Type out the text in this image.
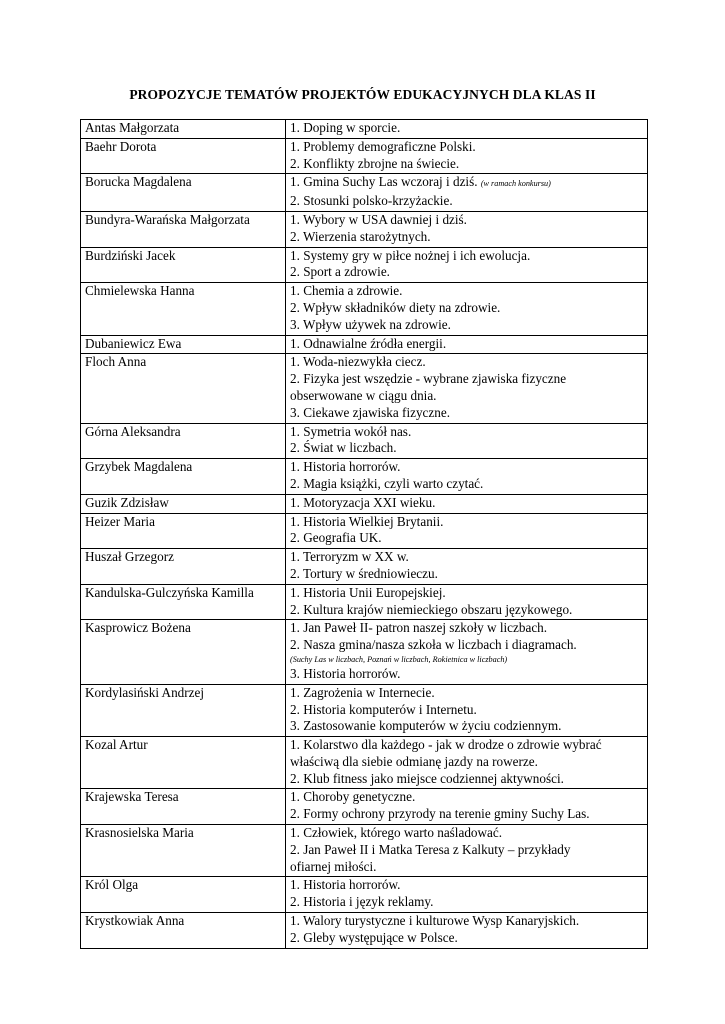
PROPOZYCJE TEMATÓW PROJEKTÓW EDUKACYJNYCH DLA KLAS II
Antas Małgorzata	1. Doping w sporcie.

Baehr Dorota	1. Problemy demograficzne Polski.
2. Konflikty zbrojne na świecie.

Borucka Magdalena	1. Gmina Suchy Las wczoraj i dziś. (w ramach konkursu)
2. Stosunki polsko-krzyżackie.

Bundyra-Warańska Małgorzata	1. Wybory w USA dawniej i dziś.
2. Wierzenia starożytnych.

Burdziński Jacek	1. Systemy gry w piłce nożnej i ich ewolucja.
2. Sport a zdrowie.

Chmielewska Hanna	1. Chemia a zdrowie.
2. Wpływ składników diety na zdrowie.
3. Wpływ używek na zdrowie.

Dubaniewicz Ewa	1. Odnawialne źródła energii.

Floch Anna	1. Woda-niezwykła ciecz.
2. Fizyka jest wszędzie - wybrane zjawiska fizyczne
obserwowane w ciągu dnia.
3. Ciekawe zjawiska fizyczne.

Górna Aleksandra	1. Symetria wokół nas.
2. Świat w liczbach.

Grzybek Magdalena	1. Historia horrorów.
2. Magia książki, czyli warto czytać.

Guzik Zdzisław	1. Motoryzacja XXI wieku.

Heizer Maria	1. Historia Wielkiej Brytanii.
2. Geografia UK.

Huszał Grzegorz	1. Terroryzm w XX w.
2. Tortury w średniowieczu.

Kandulska-Gulczyńska Kamilla	1. Historia Unii Europejskiej.
2. Kultura krajów niemieckiego obszaru językowego.

Kasprowicz Bożena	1. Jan Paweł II- patron naszej szkoły w liczbach.
2. Nasza gmina/nasza szkoła w liczbach i diagramach.
(Suchy Las w liczbach, Poznań w liczbach, Rokietnica w liczbach)
3. Historia horrorów.

Kordylasiński Andrzej	1. Zagrożenia w Internecie.
2. Historia komputerów i Internetu.
3. Zastosowanie komputerów w życiu codziennym.

Kozal Artur	1. Kolarstwo dla każdego - jak w drodze o zdrowie wybrać
właściwą dla siebie odmianę jazdy na rowerze.
2. Klub fitness jako miejsce codziennej aktywności.

Krajewska Teresa	1. Choroby genetyczne.
2. Formy ochrony przyrody na terenie gminy Suchy Las.

Krasnosielska Maria	1. Człowiek, którego warto naśladować.
2. Jan Paweł II i Matka Teresa z Kalkuty – przykłady
ofiarnej miłości.

Król Olga	1. Historia horrorów.
2. Historia i język reklamy.

Krystkowiak Anna	1. Walory turystyczne i kulturowe Wysp Kanaryjskich.
2. Gleby występujące w Polsce.
